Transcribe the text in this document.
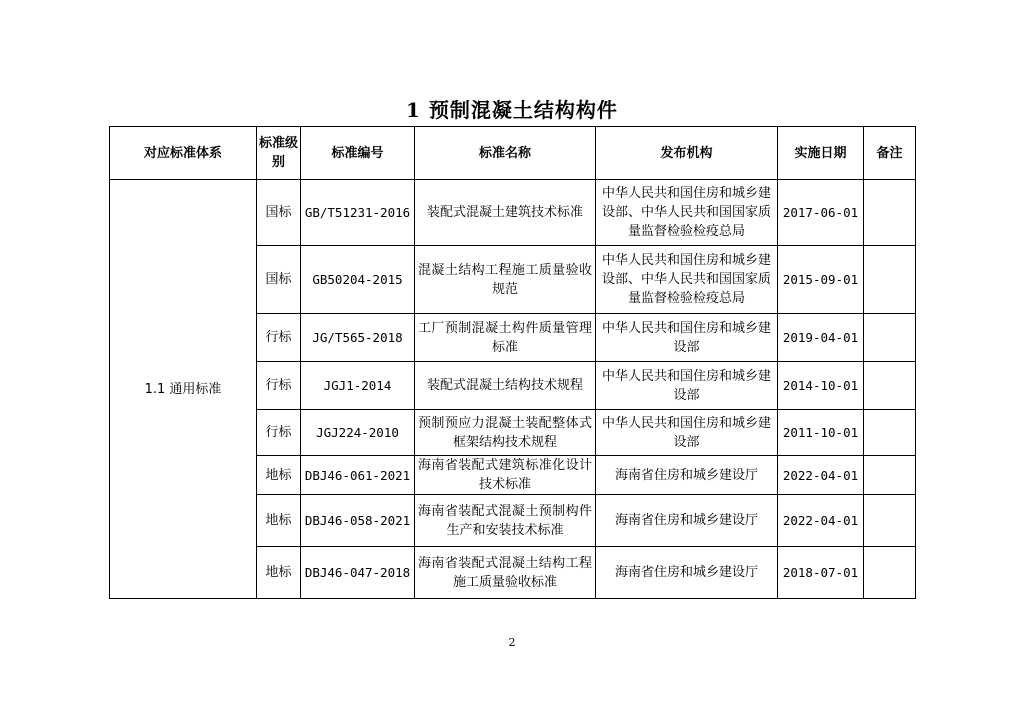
1 预制混凝土结构构件
对应标准体系	标准级别	标准编号	标准名称	发布机构	实施日期	备注
1.1 通用标准	国标	GB/T51231-2016	装配式混凝土建筑技术标准	中华人民共和国住房和城乡建设部、中华人民共和国国家质量监督检验检疫总局	2017-06-01	
	国标	GB50204-2015	混凝土结构工程施工质量验收规范	中华人民共和国住房和城乡建设部、中华人民共和国国家质量监督检验检疫总局	2015-09-01	
	行标	JG/T565-2018	工厂预制混凝土构件质量管理标准	中华人民共和国住房和城乡建设部	2019-04-01	
	行标	JGJ1-2014	装配式混凝土结构技术规程	中华人民共和国住房和城乡建设部	2014-10-01	
	行标	JGJ224-2010	预制预应力混凝土装配整体式框架结构技术规程	中华人民共和国住房和城乡建设部	2011-10-01	
	地标	DBJ46-061-2021	海南省装配式建筑标准化设计技术标准	海南省住房和城乡建设厅	2022-04-01	
	地标	DBJ46-058-2021	海南省装配式混凝土预制构件生产和安装技术标准	海南省住房和城乡建设厅	2022-04-01	
	地标	DBJ46-047-2018	海南省装配式混凝土结构工程施工质量验收标准	海南省住房和城乡建设厅	2018-07-01	
2
